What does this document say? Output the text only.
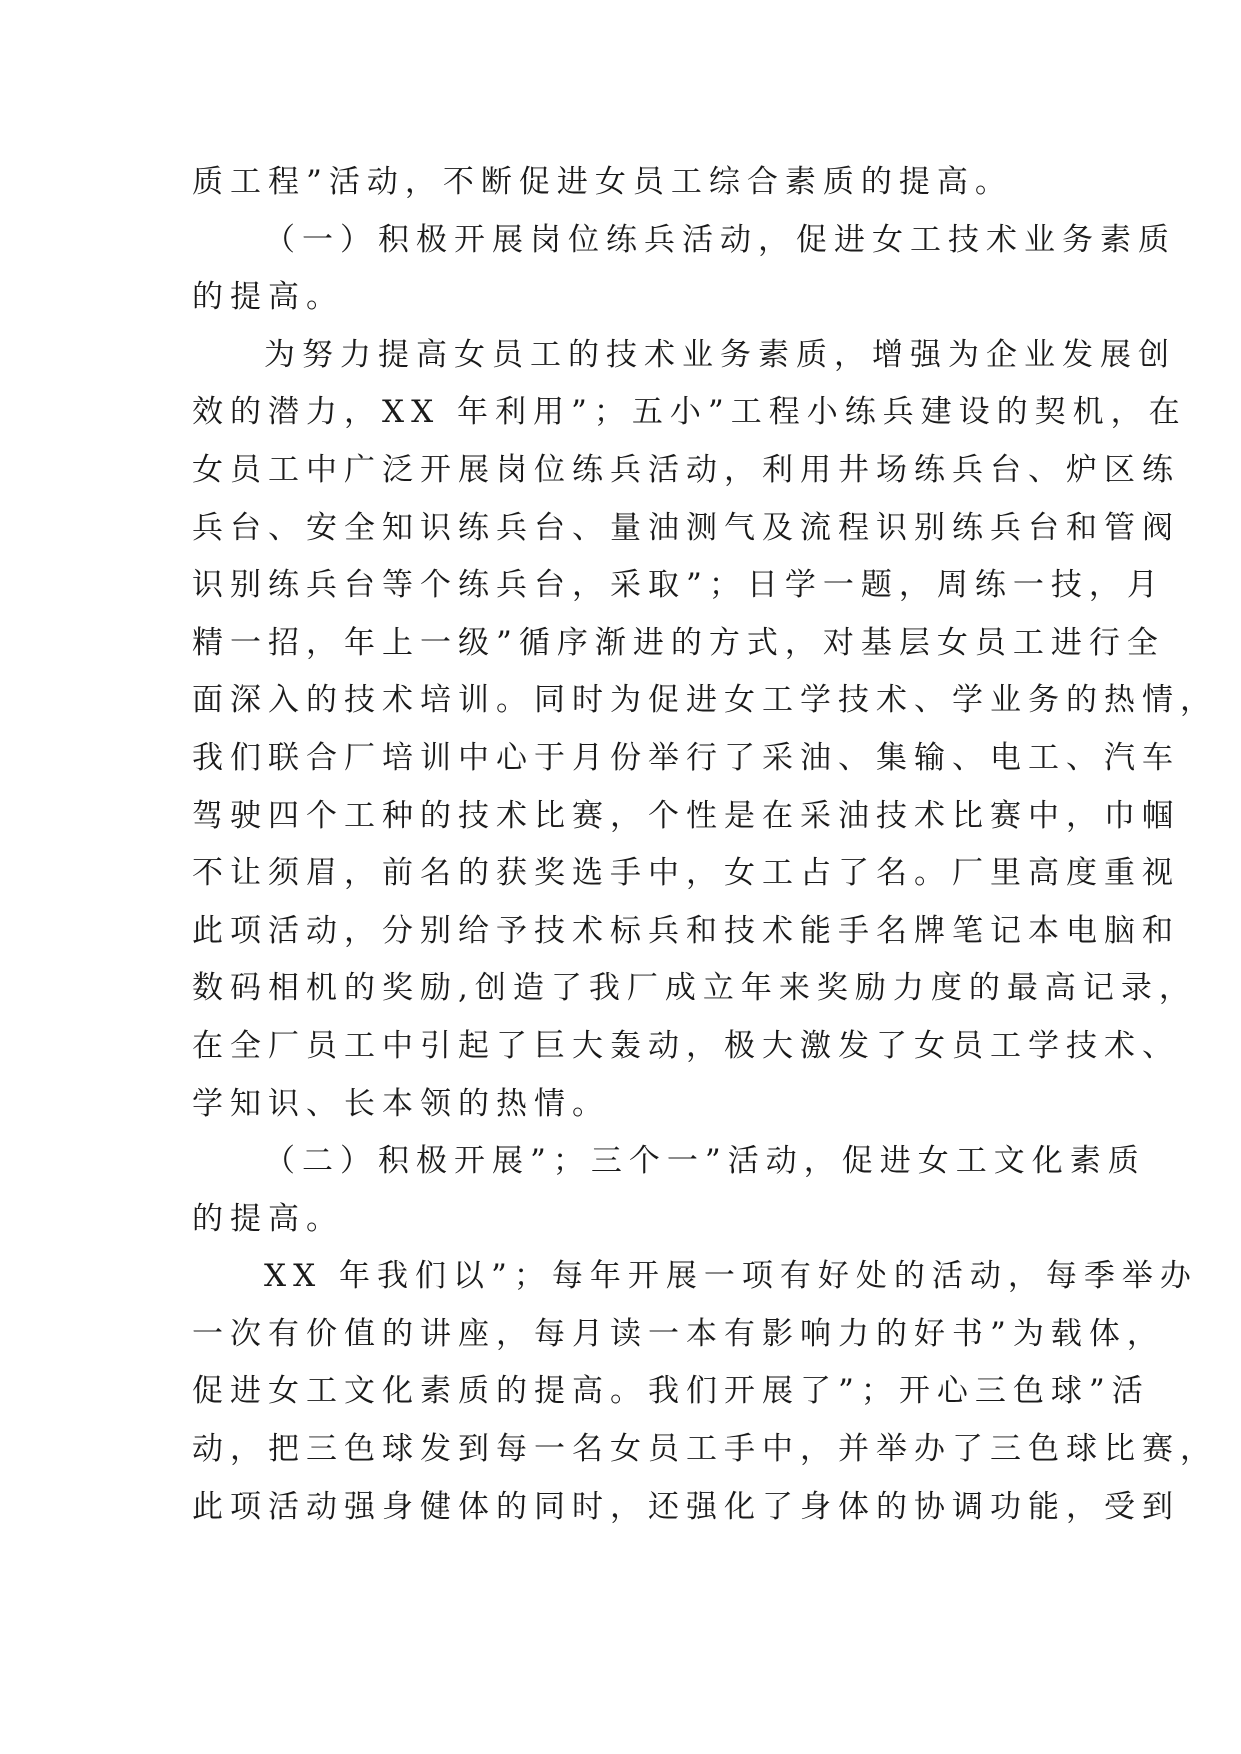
质工程”活动，不断促进女员工综合素质的提高。
（一）积极开展岗位练兵活动，促进女工技术业务素质
的提高。
为努力提高女员工的技术业务素质，增强为企业发展创
效的潜力，XX 年利用”；五小”工程小练兵建设的契机，在
女员工中广泛开展岗位练兵活动，利用井场练兵台、炉区练
兵台、安全知识练兵台、量油测气及流程识别练兵台和管阀
识别练兵台等个练兵台，采取”；日学一题，周练一技，月
精一招，年上一级”循序渐进的方式，对基层女员工进行全
面深入的技术培训。同时为促进女工学技术、学业务的热情，
我们联合厂培训中心于月份举行了采油、集输、电工、汽车
驾驶四个工种的技术比赛，个性是在采油技术比赛中，巾帼
不让须眉，前名的获奖选手中，女工占了名。厂里高度重视
此项活动，分别给予技术标兵和技术能手名牌笔记本电脑和
数码相机的奖励,创造了我厂成立年来奖励力度的最高记录，
在全厂员工中引起了巨大轰动，极大激发了女员工学技术、
学知识、长本领的热情。
（二）积极开展”；三个一”活动，促进女工文化素质
的提高。
XX 年我们以”；每年开展一项有好处的活动，每季举办
一次有价值的讲座，每月读一本有影响力的好书”为载体，
促进女工文化素质的提高。我们开展了”；开心三色球”活
动，把三色球发到每一名女员工手中，并举办了三色球比赛，
此项活动强身健体的同时，还强化了身体的协调功能，受到
